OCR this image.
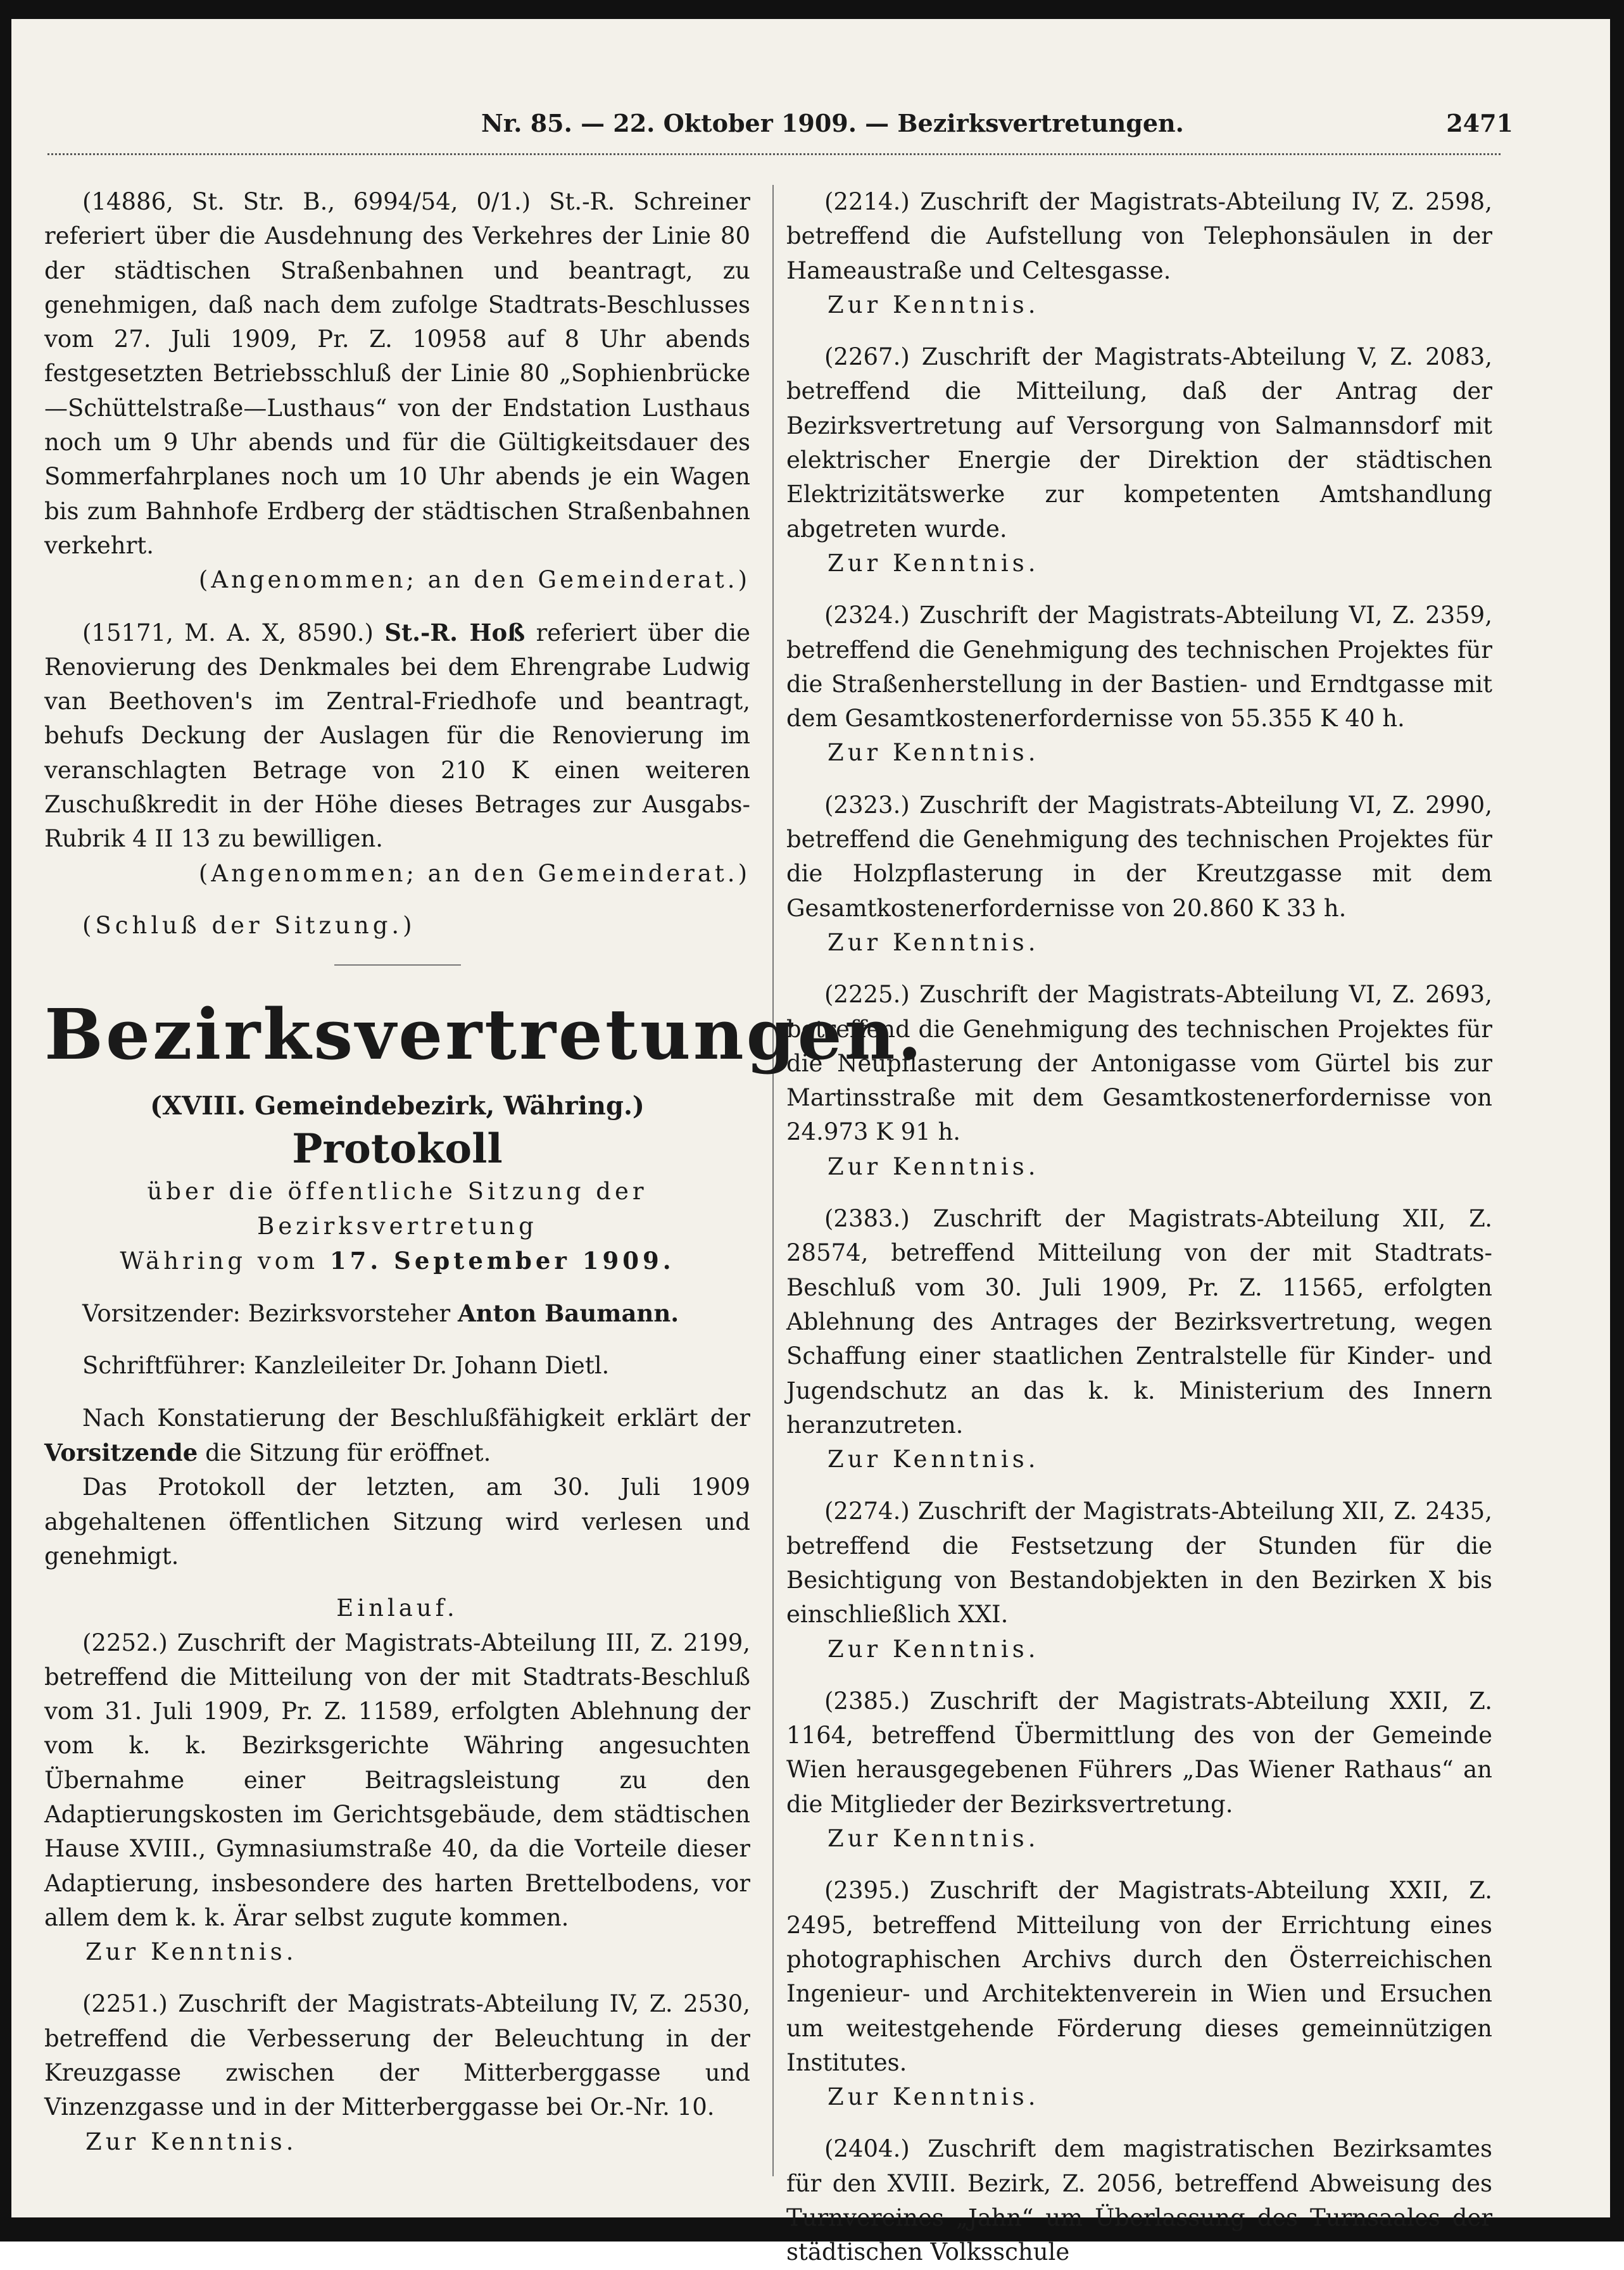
Nr. 85. — 22. Oktober 1909. — Bezirksvertretungen.	2471

(14886, St. Str. B., 6994/54, 0/1.) St.-R. Schreiner referiert über die Ausdehnung des Verkehres der Linie 80 der städtischen Straßenbahnen und beantragt, zu genehmigen, daß nach dem zufolge Stadtrats-Beschlusses vom 27. Juli 1909, Pr. Z. 10958 auf 8 Uhr abends festgesetzten Betriebsschluß der Linie 80 „Sophienbrücke—Schüttelstraße—Lusthaus“ von der Endstation Lusthaus noch um 9 Uhr abends und für die Gültigkeitsdauer des Sommerfahrplanes noch um 10 Uhr abends je ein Wagen bis zum Bahnhofe Erdberg der städtischen Straßenbahnen verkehrt.

(Angenommen; an den Gemeinderat.)

(15171, M. A. X, 8590.) St.-R. Hoß referiert über die Renovierung des Denkmales bei dem Ehrengrabe Ludwig van Beethoven's im Zentral-Friedhofe und beantragt, behufs Deckung der Auslagen für die Renovierung im veranschlagten Betrage von 210 K einen weiteren Zuschußkredit in der Höhe dieses Betrages zur Ausgabs-Rubrik 4 II 13 zu bewilligen.

(Angenommen; an den Gemeinderat.)

(Schluß der Sitzung.)

Bezirksvertretungen.
(XVIII. Gemeindebezirk, Währing.)
Protokoll
über die öffentliche Sitzung der Bezirksvertretung
Währing vom 17. September 1909.

Vorsitzender: Bezirksvorsteher Anton Baumann.

Schriftführer: Kanzleileiter Dr. Johann Dietl.

Nach Konstatierung der Beschlußfähigkeit erklärt der Vorsitzende die Sitzung für eröffnet.

Das Protokoll der letzten, am 30. Juli 1909 abgehaltenen öffentlichen Sitzung wird verlesen und genehmigt.

Einlauf.

(2252.) Zuschrift der Magistrats-Abteilung III, Z. 2199, betreffend die Mitteilung von der mit Stadtrats-Beschluß vom 31. Juli 1909, Pr. Z. 11589, erfolgten Ablehnung der vom k. k. Bezirksgerichte Währing angesuchten Übernahme einer Beitragsleistung zu den Adaptierungskosten im Gerichtsgebäude, dem städtischen Hause XVIII., Gymnasiumstraße 40, da die Vorteile dieser Adaptierung, insbesondere des harten Brettelbodens, vor allem dem k. k. Ärar selbst zugute kommen.

Zur Kenntnis.

(2251.) Zuschrift der Magistrats-Abteilung IV, Z. 2530, betreffend die Verbesserung der Beleuchtung in der Kreuzgasse zwischen der Mitterberggasse und Vinzenzgasse und in der Mitterberggasse bei Or.-Nr. 10.

Zur Kenntnis.

(2214.) Zuschrift der Magistrats-Abteilung IV, Z. 2598, betreffend die Aufstellung von Telephonsäulen in der Hameaustraße und Celtesgasse.

Zur Kenntnis.

(2267.) Zuschrift der Magistrats-Abteilung V, Z. 2083, betreffend die Mitteilung, daß der Antrag der Bezirksvertretung auf Versorgung von Salmannsdorf mit elektrischer Energie der Direktion der städtischen Elektrizitätswerke zur kompetenten Amtshandlung abgetreten wurde.

Zur Kenntnis.

(2324.) Zuschrift der Magistrats-Abteilung VI, Z. 2359, betreffend die Genehmigung des technischen Projektes für die Straßenherstellung in der Bastien- und Erndtgasse mit dem Gesamtkostenerfordernisse von 55.355 K 40 h.

Zur Kenntnis.

(2323.) Zuschrift der Magistrats-Abteilung VI, Z. 2990, betreffend die Genehmigung des technischen Projektes für die Holzpflasterung in der Kreutzgasse mit dem Gesamtkostenerfordernisse von 20.860 K 33 h.

Zur Kenntnis.

(2225.) Zuschrift der Magistrats-Abteilung VI, Z. 2693, betreffend die Genehmigung des technischen Projektes für die Neupflasterung der Antonigasse vom Gürtel bis zur Martinsstraße mit dem Gesamtkostenerfordernisse von 24.973 K 91 h.

Zur Kenntnis.

(2383.) Zuschrift der Magistrats-Abteilung XII, Z. 28574, betreffend Mitteilung von der mit Stadtrats-Beschluß vom 30. Juli 1909, Pr. Z. 11565, erfolgten Ablehnung des Antrages der Bezirksvertretung, wegen Schaffung einer staatlichen Zentralstelle für Kinder- und Jugendschutz an das k. k. Ministerium des Innern heranzutreten.

Zur Kenntnis.

(2274.) Zuschrift der Magistrats-Abteilung XII, Z. 2435, betreffend die Festsetzung der Stunden für die Besichtigung von Bestandobjekten in den Bezirken X bis einschließlich XXI.

Zur Kenntnis.

(2385.) Zuschrift der Magistrats-Abteilung XXII, Z. 1164, betreffend Übermittlung des von der Gemeinde Wien herausgegebenen Führers „Das Wiener Rathaus“ an die Mitglieder der Bezirksvertretung.

Zur Kenntnis.

(2395.) Zuschrift der Magistrats-Abteilung XXII, Z. 2495, betreffend Mitteilung von der Errichtung eines photographischen Archivs durch den Österreichischen Ingenieur- und Architektenverein in Wien und Ersuchen um weitestgehende Förderung dieses gemeinnützigen Institutes.

Zur Kenntnis.

(2404.) Zuschrift dem magistratischen Bezirksamtes für den XVIII. Bezirk, Z. 2056, betreffend Abweisung des Turnvereines „Jahn“ um Überlassung des Turnsaales der städtischen Volksschule
